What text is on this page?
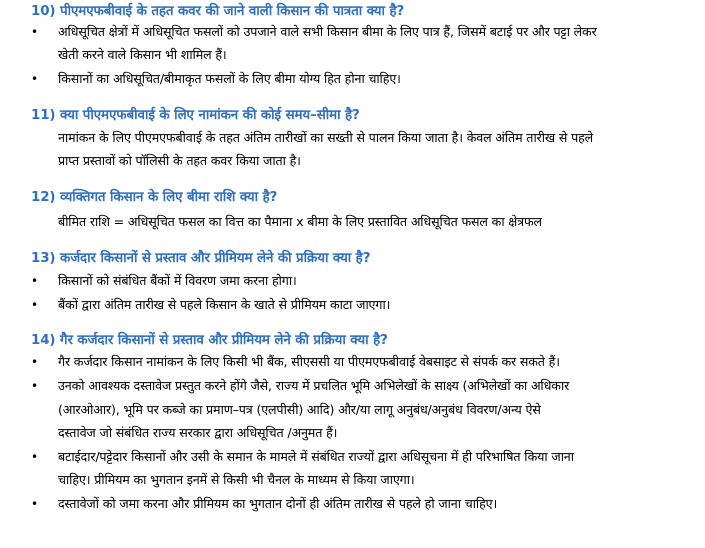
10) पीएमएफबीवाई के तहत कवर की जाने वाली किसान की पात्रता क्या है?
• अधिसूचित क्षेत्रों में अधिसूचित फसलों को उपजाने वाले सभी किसान बीमा के लिए पात्र हैं, जिसमें बटाई पर और पट्टा लेकर
खेती करने वाले किसान भी शामिल हैं।
• किसानों का अधिसूचित/बीमाकृत फसलों के लिए बीमा योग्य हित होना चाहिए।
11) क्या पीएमएफबीवाई के लिए नामांकन की कोई समय–सीमा है?
नामांकन के लिए पीएमएफबीवाई के तहत अंतिम तारीखों का सख्ती से पालन किया जाता है। केवल अंतिम तारीख से पहले
प्राप्त प्रस्तावों को पॉलिसी के तहत कवर किया जाता है।
12) व्यक्तिगत किसान के लिए बीमा राशि क्या है?
बीमित राशि = अधिसूचित फसल का वित्त का पैमाना x बीमा के लिए प्रस्तावित अधिसूचित फसल का क्षेत्रफल
13) कर्जदार किसानों से प्रस्ताव और प्रीमियम लेने की प्रक्रिया क्या है?
• किसानों को संबंधित बैंकों में विवरण जमा करना होगा।
• बैंकों द्वारा अंतिम तारीख से पहले किसान के खाते से प्रीमियम काटा जाएगा।
14) गैर कर्जदार किसानों से प्रस्ताव और प्रीमियम लेने की प्रक्रिया क्या है?
• गैर कर्जदार किसान नामांकन के लिए किसी भी बैंक, सीएससी या पीएमएफबीवाई वेबसाइट से संपर्क कर सकते हैं।
• उनको आवश्यक दस्तावेज प्रस्तुत करने होंगे जैसे, राज्य में प्रचलित भूमि अभिलेखों के साक्ष्य (अभिलेखों का अधिकार
(आरओआर), भूमि पर कब्जे का प्रमाण–पत्र (एलपीसी) आदि) और/या लागू अनुबंध/अनुबंध विवरण/अन्य ऐसे
दस्तावेज जो संबंधित राज्य सरकार द्वारा अधिसूचित /अनुमत हैं।
• बटाईदार/पट्टेदार किसानों और उसी के समान के मामले में संबंधित राज्यों द्वारा अधिसूचना में ही परिभाषित किया जाना
चाहिए। प्रीमियम का भुगतान इनमें से किसी भी चैनल के माध्यम से किया जाएगा।
• दस्तावेजों को जमा करना और प्रीमियम का भुगतान दोनों ही अंतिम तारीख से पहले हो जाना चाहिए।
